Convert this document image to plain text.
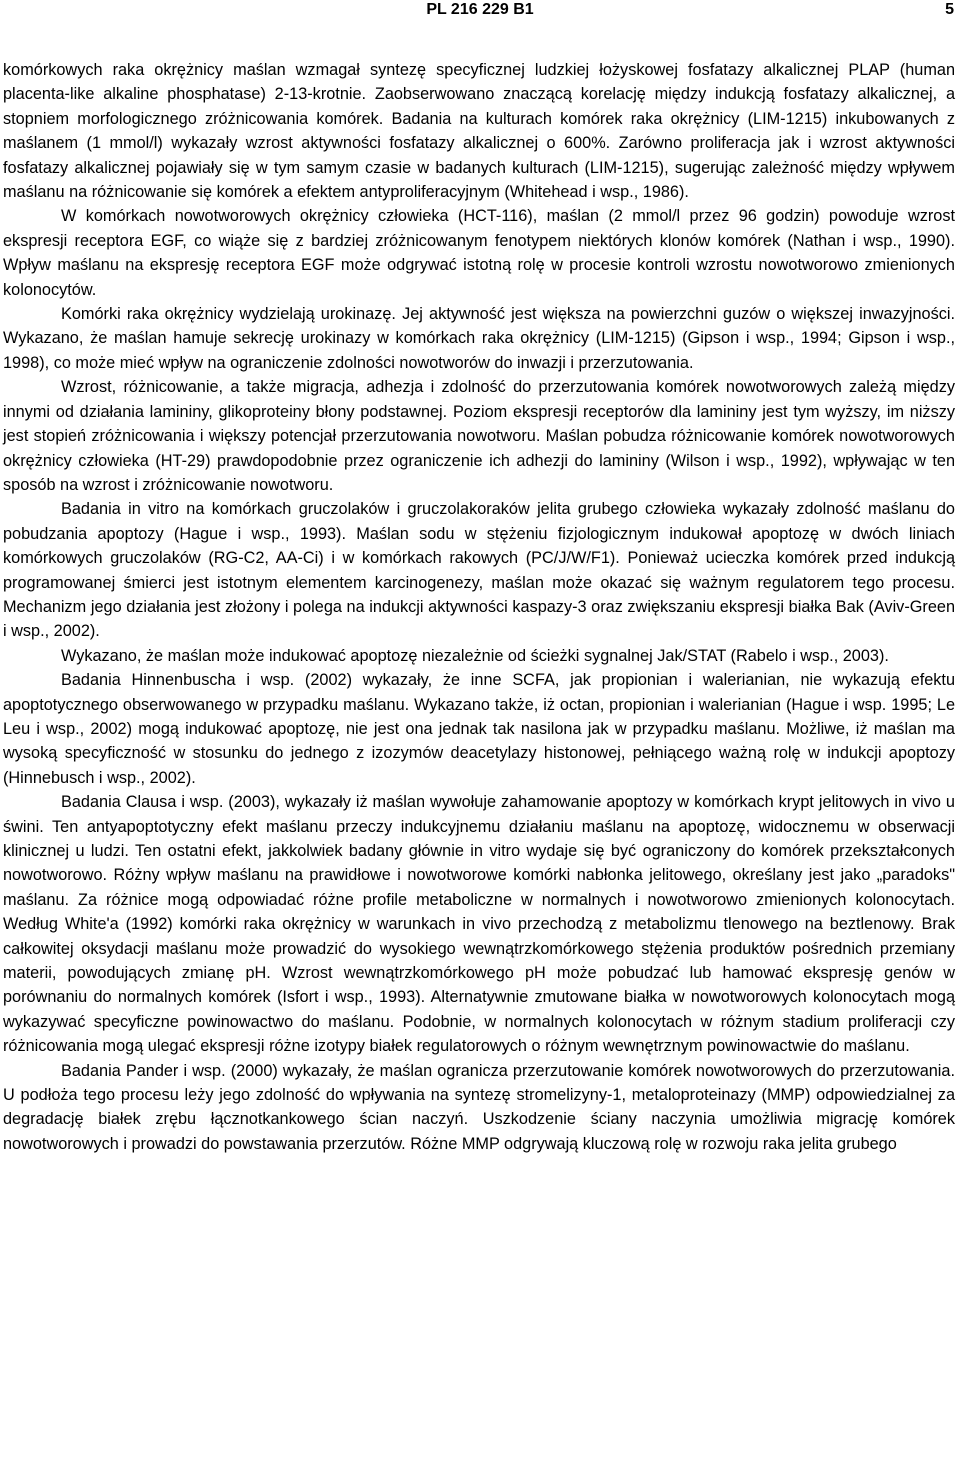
PL 216 229 B1	5

komórkowych raka okrężnicy maślan wzmagał syntezę specyficznej ludzkiej łożyskowej fosfatazy alkalicznej PLAP (human placenta-like alkaline phosphatase) 2-13-krotnie. Zaobserwowano znaczącą korelację między indukcją fosfatazy alkalicznej, a stopniem morfologicznego zróżnicowania komórek. Badania na kulturach komórek raka okrężnicy (LIM-1215) inkubowanych z maślanem (1 mmol/l) wykazały wzrost aktywności fosfatazy alkalicznej o 600%. Zarówno proliferacja jak i wzrost aktywności fosfatazy alkalicznej pojawiały się w tym samym czasie w badanych kulturach (LIM-1215), sugerując zależność między wpływem maślanu na różnicowanie się komórek a efektem antyproliferacyjnym (Whitehead i wsp., 1986).

W komórkach nowotworowych okrężnicy człowieka (HCT-116), maślan (2 mmol/l przez 96 godzin) powoduje wzrost ekspresji receptora EGF, co wiąże się z bardziej zróżnicowanym fenotypem niektórych klonów komórek (Nathan i wsp., 1990). Wpływ maślanu na ekspresję receptora EGF może odgrywać istotną rolę w procesie kontroli wzrostu nowotworowo zmienionych kolonocytów.

Komórki raka okrężnicy wydzielają urokinazę. Jej aktywność jest większa na powierzchni guzów o większej inwazyjności. Wykazano, że maślan hamuje sekrecję urokinazy w komórkach raka okrężnicy (LIM-1215) (Gipson i wsp., 1994; Gipson i wsp., 1998), co może mieć wpływ na ograniczenie zdolności nowotworów do inwazji i przerzutowania.

Wzrost, różnicowanie, a także migracja, adhezja i zdolność do przerzutowania komórek nowotworowych zależą między innymi od działania lamininy, glikoproteiny błony podstawnej. Poziom ekspresji receptorów dla lamininy jest tym wyższy, im niższy jest stopień zróżnicowania i większy potencjał przerzutowania nowotworu. Maślan pobudza różnicowanie komórek nowotworowych okrężnicy człowieka (HT-29) prawdopodobnie przez ograniczenie ich adhezji do lamininy (Wilson i wsp., 1992), wpływając w ten sposób na wzrost i zróżnicowanie nowotworu.

Badania in vitro na komórkach gruczolaków i gruczolakoraków jelita grubego człowieka wykazały zdolność maślanu do pobudzania apoptozy (Hague i wsp., 1993). Maślan sodu w stężeniu fizjologicznym indukował apoptozę w dwóch liniach komórkowych gruczolaków (RG-C2, AA-Ci) i w komórkach rakowych (PC/J/W/F1). Ponieważ ucieczka komórek przed indukcją programowanej śmierci jest istotnym elementem karcinogenezy, maślan może okazać się ważnym regulatorem tego procesu. Mechanizm jego działania jest złożony i polega na indukcji aktywności kaspazy-3 oraz zwiększaniu ekspresji białka Bak (Aviv-Green i wsp., 2002).

Wykazano, że maślan może indukować apoptozę niezależnie od ścieżki sygnalnej Jak/STAT (Rabelo i wsp., 2003).

Badania Hinnenbuscha i wsp. (2002) wykazały, że inne SCFA, jak propionian i walerianian, nie wykazują efektu apoptotycznego obserwowanego w przypadku maślanu. Wykazano także, iż octan, propionian i walerianian (Hague i wsp. 1995; Le Leu i wsp., 2002) mogą indukować apoptozę, nie jest ona jednak tak nasilona jak w przypadku maślanu. Możliwe, iż maślan ma wysoką specyficzność w stosunku do jednego z izozymów deacetylazy histonowej, pełniącego ważną rolę w indukcji apoptozy (Hinnebusch i wsp., 2002).

Badania Clausa i wsp. (2003), wykazały iż maślan wywołuje zahamowanie apoptozy w komórkach krypt jelitowych in vivo u świni. Ten antyapoptotyczny efekt maślanu przeczy indukcyjnemu działaniu maślanu na apoptozę, widocznemu w obserwacji klinicznej u ludzi. Ten ostatni efekt, jakkolwiek badany głównie in vitro wydaje się być ograniczony do komórek przekształconych nowotworowo. Różny wpływ maślanu na prawidłowe i nowotworowe komórki nabłonka jelitowego, określany jest jako „paradoks" maślanu. Za różnice mogą odpowiadać różne profile metaboliczne w normalnych i nowotworowo zmienionych kolonocytach. Według White'a (1992) komórki raka okrężnicy w warunkach in vivo przechodzą z metabolizmu tlenowego na beztlenowy. Brak całkowitej oksydacji maślanu może prowadzić do wysokiego wewnątrzkomórkowego stężenia produktów pośrednich przemiany materii, powodujących zmianę pH. Wzrost wewnątrzkomórkowego pH może pobudzać lub hamować ekspresję genów w porównaniu do normalnych komórek (Isfort i wsp., 1993). Alternatywnie zmutowane białka w nowotworowych kolonocytach mogą wykazywać specyficzne powinowactwo do maślanu. Podobnie, w normalnych kolonocytach w różnym stadium proliferacji czy różnicowania mogą ulegać ekspresji różne izotypy białek regulatorowych o różnym wewnętrznym powinowactwie do maślanu.

Badania Pander i wsp. (2000) wykazały, że maślan ogranicza przerzutowanie komórek nowotworowych do przerzutowania. U podłoża tego procesu leży jego zdolność do wpływania na syntezę stromelizyny-1, metaloproteinazy (MMP) odpowiedzialnej za degradację białek zrębu łącznotkankowego ścian naczyń. Uszkodzenie ściany naczynia umożliwia migrację komórek nowotworowych i prowadzi do powstawania przerzutów. Różne MMP odgrywają kluczową rolę w rozwoju raka jelita grubego
